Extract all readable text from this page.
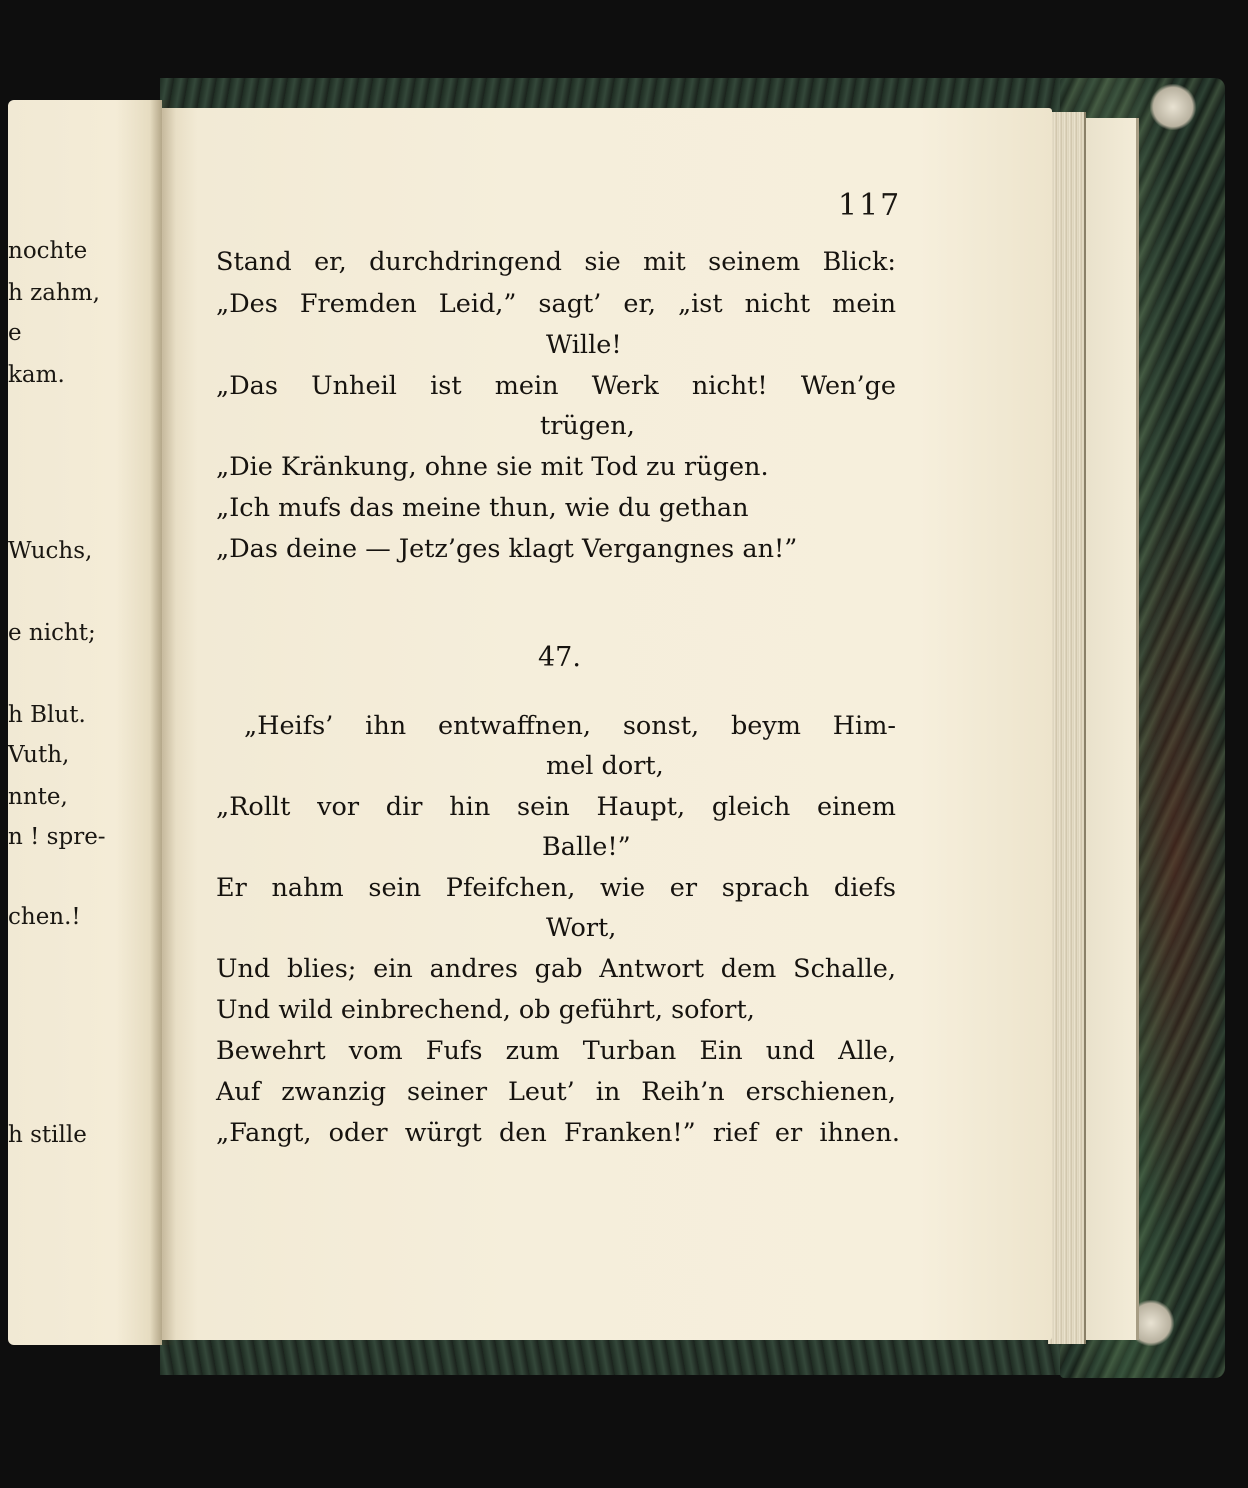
nochte
h zahm,
e
kam.
Wuchs,
e nicht;
h Blut.
Vuth,
nnte,
n ! spre-
chen.!
h stille
117
Stand er, durchdringend sie mit seinem Blick:
„Des Fremden Leid,” sagt’ er, „ist nicht mein
Wille!
„Das Unheil ist mein Werk nicht! Wen’ge
trügen,
„Die Kränkung, ohne sie mit Tod zu rügen.
„Ich mufs das meine thun, wie du gethan
„Das deine — Jetz’ges klagt Vergangnes an!”
47.
„Heifs’ ihn entwaffnen, sonst, beym Him-
mel dort,
„Rollt vor dir hin sein Haupt, gleich einem
Balle!”
Er nahm sein Pfeifchen, wie er sprach diefs
Wort,
Und blies; ein andres gab Antwort dem Schalle,
Und wild einbrechend, ob geführt, sofort,
Bewehrt vom Fufs zum Turban Ein und Alle,
Auf zwanzig seiner Leut’ in Reih’n erschienen,
„Fangt, oder würgt den Franken!” rief er ihnen.
